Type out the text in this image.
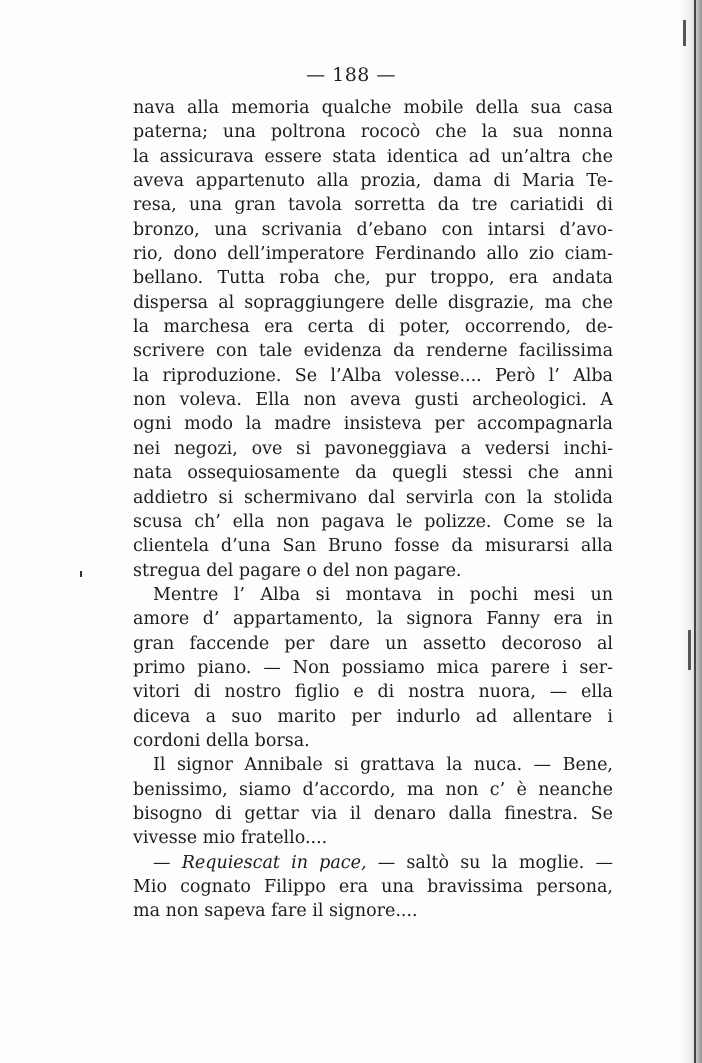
— 188 —
nava alla memoria qualche mobile della sua casa
paterna; una poltrona rococò che la sua nonna
la assicurava essere stata identica ad un’altra che
aveva appartenuto alla prozia, dama di Maria Te-
resa, una gran tavola sorretta da tre cariatidi di
bronzo, una scrivania d’ebano con intarsi d’avo-
rio, dono dell’imperatore Ferdinando allo zio ciam-
bellano. Tutta roba che, pur troppo, era andata
dispersa al sopraggiungere delle disgrazie, ma che
la marchesa era certa di poter, occorrendo, de-
scrivere con tale evidenza da renderne facilissima
la riproduzione. Se l’Alba volesse.... Però l’ Alba
non voleva. Ella non aveva gusti archeologici. A
ogni modo la madre insisteva per accompagnarla
nei negozi, ove si pavoneggiava a vedersi inchi-
nata ossequiosamente da quegli stessi che anni
addietro si schermivano dal servirla con la stolida
scusa ch’ ella non pagava le polizze. Come se la
clientela d’una San Bruno fosse da misurarsi alla
stregua del pagare o del non pagare.
Mentre l’ Alba si montava in pochi mesi un
amore d’ appartamento, la signora Fanny era in
gran faccende per dare un assetto decoroso al
primo piano. — Non possiamo mica parere i ser-
vitori di nostro figlio e di nostra nuora, — ella
diceva a suo marito per indurlo ad allentare i
cordoni della borsa.
Il signor Annibale si grattava la nuca. — Bene,
benissimo, siamo d’accordo, ma non c’ è neanche
bisogno di gettar via il denaro dalla finestra. Se
vivesse mio fratello....
— Requiescat in pace, — saltò su la moglie. —
Mio cognato Filippo era una bravissima persona,
ma non sapeva fare il signore....
